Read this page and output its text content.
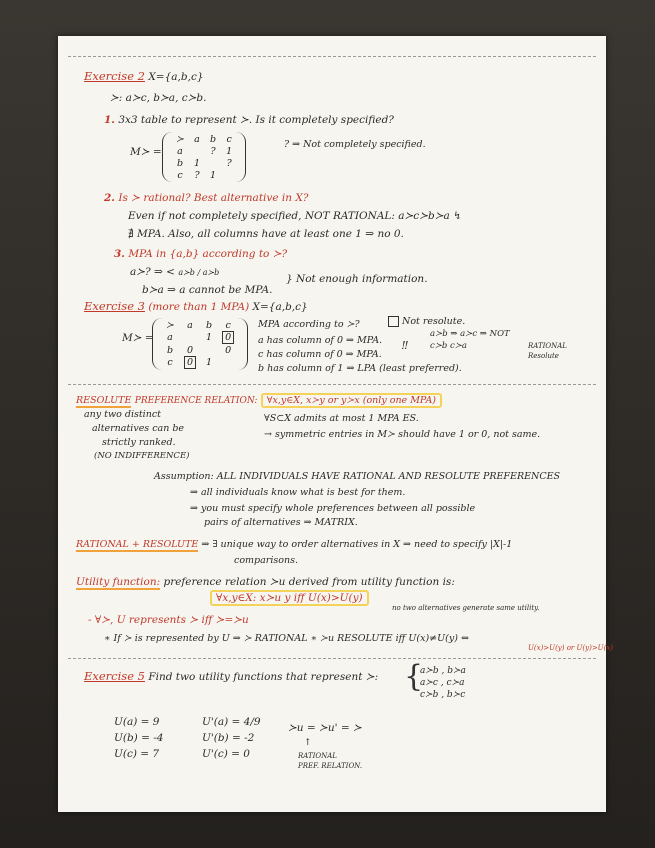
Exercise 2 X={a,b,c}
≻: a≻c, b≻a, c≻b.
1. 3x3 table to represent ≻. Is it completely specified?
M≻ =
≻	a	b	c
a		?	1
b	1		?
c	?	1	
? ⇒ Not completely specified.
2. Is ≻ rational? Best alternative in X?
Even if not completely specified, NOT RATIONAL: a≻c≻b≻a ↯
∄ MPA. Also, all columns have at least one 1 ⇒ no 0.
3. MPA in {a,b} according to ≻?
a≻? ⇒ < a≻b / a≻b
b≻a ⇒ a cannot be MPA.
} Not enough information.
Exercise 3 (more than 1 MPA) X={a,b,c}
M≻ =
≻	a	b	c
a		1	0
b	0		0
c	0	1	
MPA according to ≻?	Not resolute.
a has column of 0 ⇒ MPA.
c has column of 0 ⇒ MPA.
b has column of 1 ⇒ LPA (least preferred).
‼
a≻b ⇒ a≻c ⇒ NOT
c≻b c≻a	RATIONAL
Resolute
RESOLUTE PREFERENCE RELATION: ∀x,y∈X, x≻y or y≻x (only one MPA)
∀S⊂X admits at most 1 MPA ES.
→ symmetric entries in M≻ should have 1 or 0, not same.
any two distinct
alternatives can be
strictly ranked.
(NO INDIFFERENCE)
Assumption: ALL INDIVIDUALS HAVE RATIONAL AND RESOLUTE PREFERENCES
⇒ all individuals know what is best for them.
⇒ you must specify whole preferences between all possible
pairs of alternatives ⇒ MATRIX.
RATIONAL + RESOLUTE ⇒ ∃ unique way to order alternatives in X ⇒ need to specify |X|-1
comparisons.
Utility function: preference relation ≻u derived from utility function is:
∀x,y∈X: x≻u y iff U(x)>U(y)
- ∀≻, U represents ≻ iff ≻=≻u
no two alternatives generate same utility.
∗ If ≻ is represented by U ⇒ ≻ RATIONAL ∗ ≻u RESOLUTE iff U(x)≠U(y) ⇔
U(x)>U(y) or U(y)>U(x)
Exercise 5 Find two utility functions that represent ≻: {
a≻b , b≻a
a≻c , c≻a
c≻b , b≻c
U(a) = 9
U(b) = -4
U(c) = 7
U'(a) = 4/9
U'(b) = -2
U'(c) = 0
≻u = ≻u' = ≻
↑
RATIONAL
PREF. RELATION.
